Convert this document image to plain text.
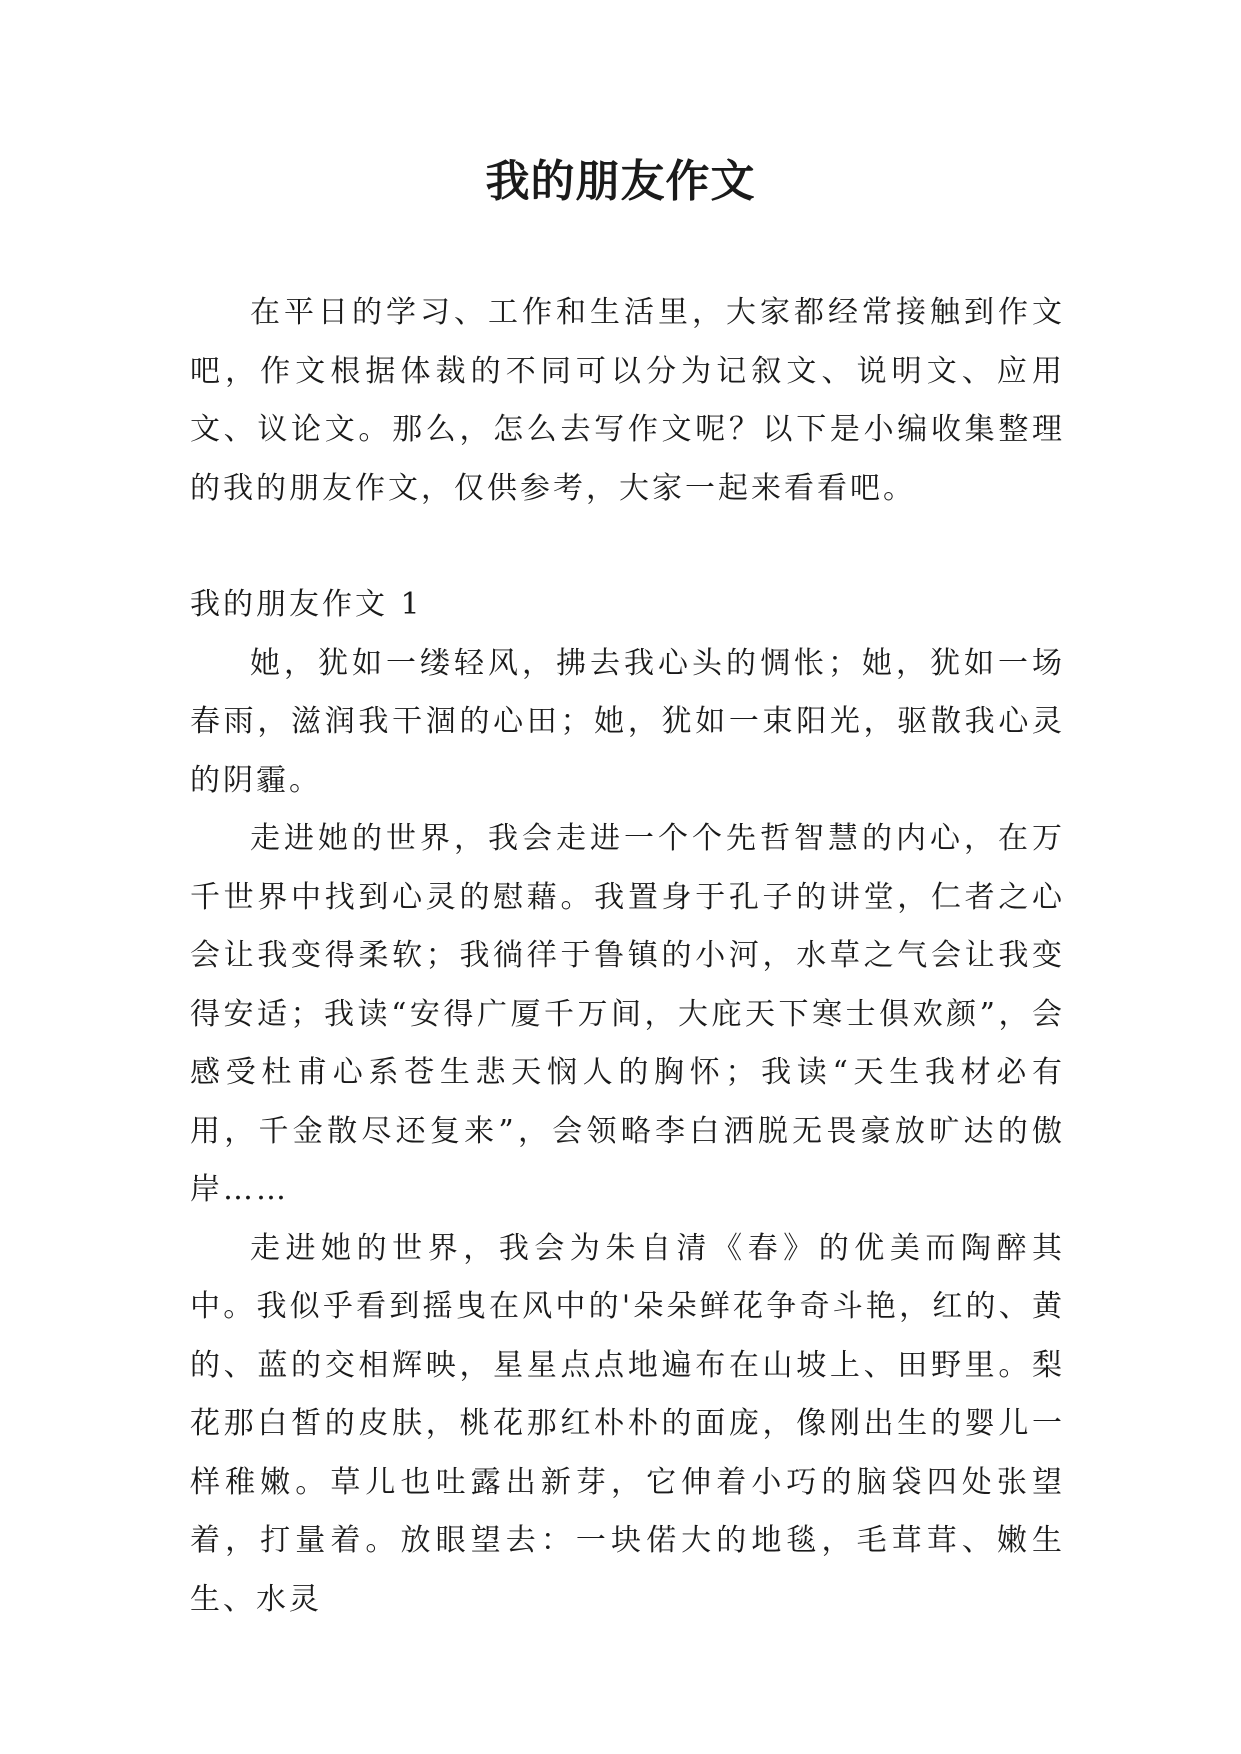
我的朋友作文

在平日的学习、工作和生活里，大家都经常接触到作文吧，作文根据体裁的不同可以分为记叙文、说明文、应用文、议论文。那么，怎么去写作文呢？以下是小编收集整理的我的朋友作文，仅供参考，大家一起来看看吧。

我的朋友作文 1

她，犹如一缕轻风，拂去我心头的惆怅；她，犹如一场春雨，滋润我干涸的心田；她，犹如一束阳光，驱散我心灵的阴霾。

走进她的世界，我会走进一个个先哲智慧的内心，在万千世界中找到心灵的慰藉。我置身于孔子的讲堂，仁者之心会让我变得柔软；我徜徉于鲁镇的小河，水草之气会让我变得安适；我读“安得广厦千万间，大庇天下寒士俱欢颜”，会感受杜甫心系苍生悲天悯人的胸怀；我读“天生我材必有用，千金散尽还复来”，会领略李白洒脱无畏豪放旷达的傲岸……

走进她的世界，我会为朱自清《春》的优美而陶醉其中。我似乎看到摇曳在风中的'朵朵鲜花争奇斗艳，红的、黄的、蓝的交相辉映，星星点点地遍布在山坡上、田野里。梨花那白皙的皮肤，桃花那红朴朴的面庞，像刚出生的婴儿一样稚嫩。草儿也吐露出新芽，它伸着小巧的脑袋四处张望着，打量着。放眼望去：一块偌大的地毯，毛茸茸、嫩生生、水灵
